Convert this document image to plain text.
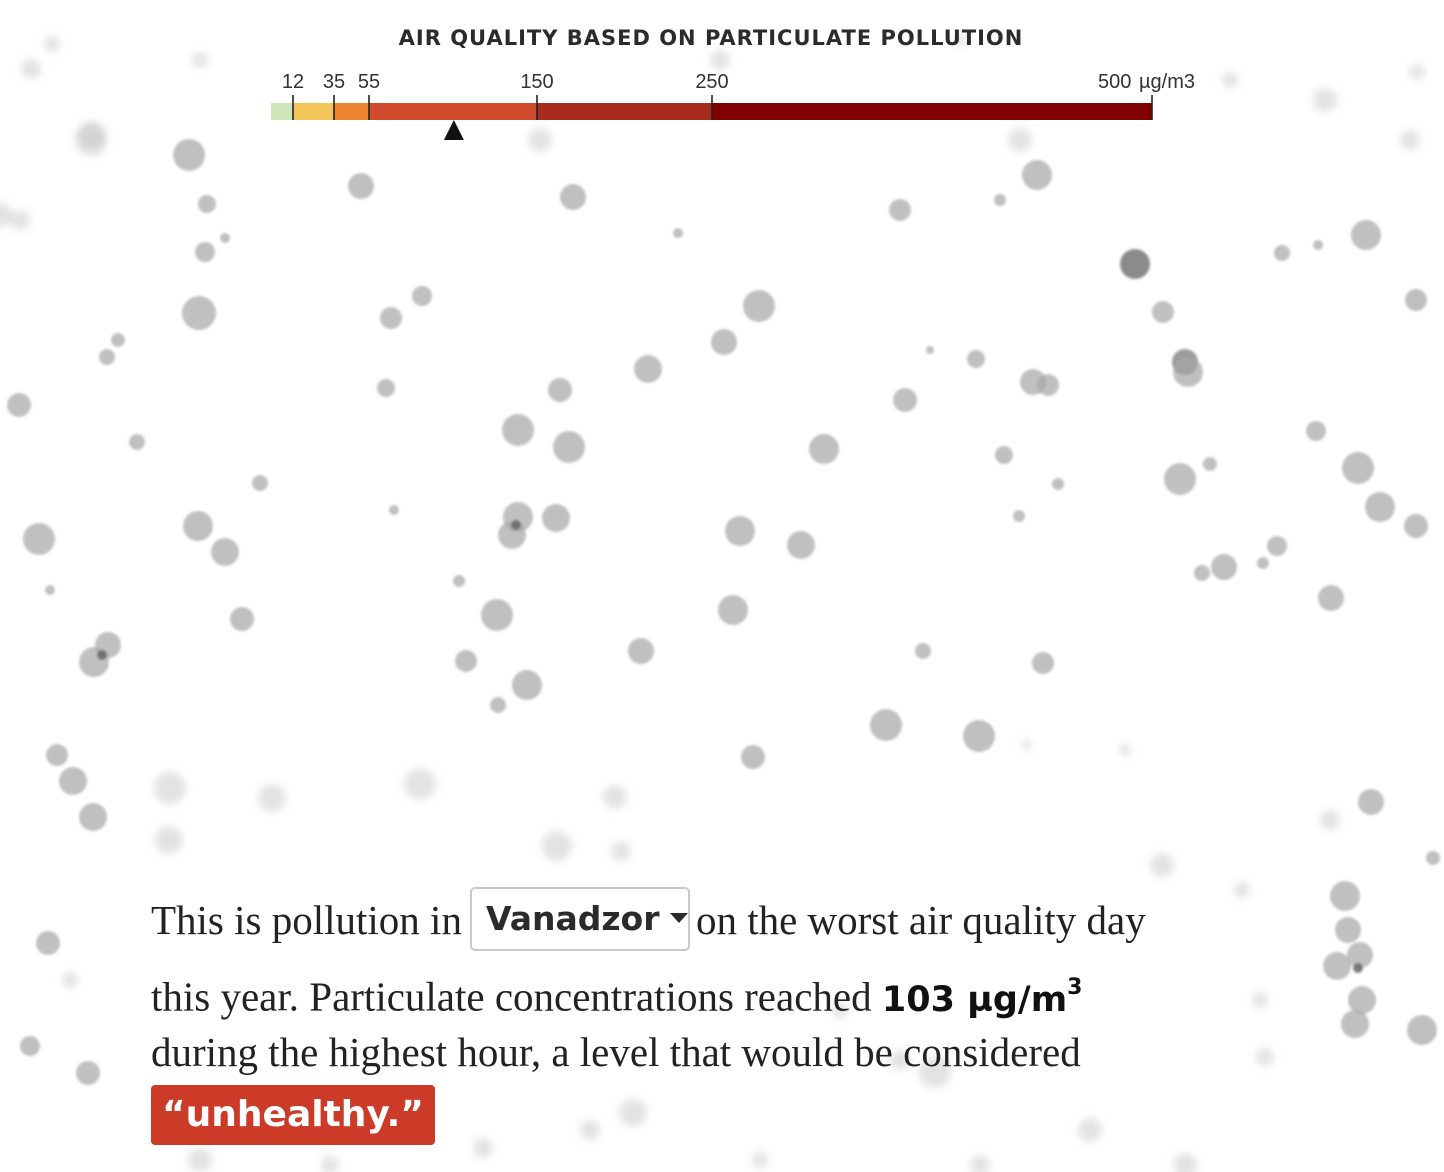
AIR QUALITY BASED ON PARTICULATE POLLUTION
12 35 55	150	250	500 µg/m3
This is pollution in Vanadzor on the worst air quality day
this year. Particulate concentrations reached 103 $\mu g/m^3$
during the highest hour, a level that would be considered
“unhealthy.”
